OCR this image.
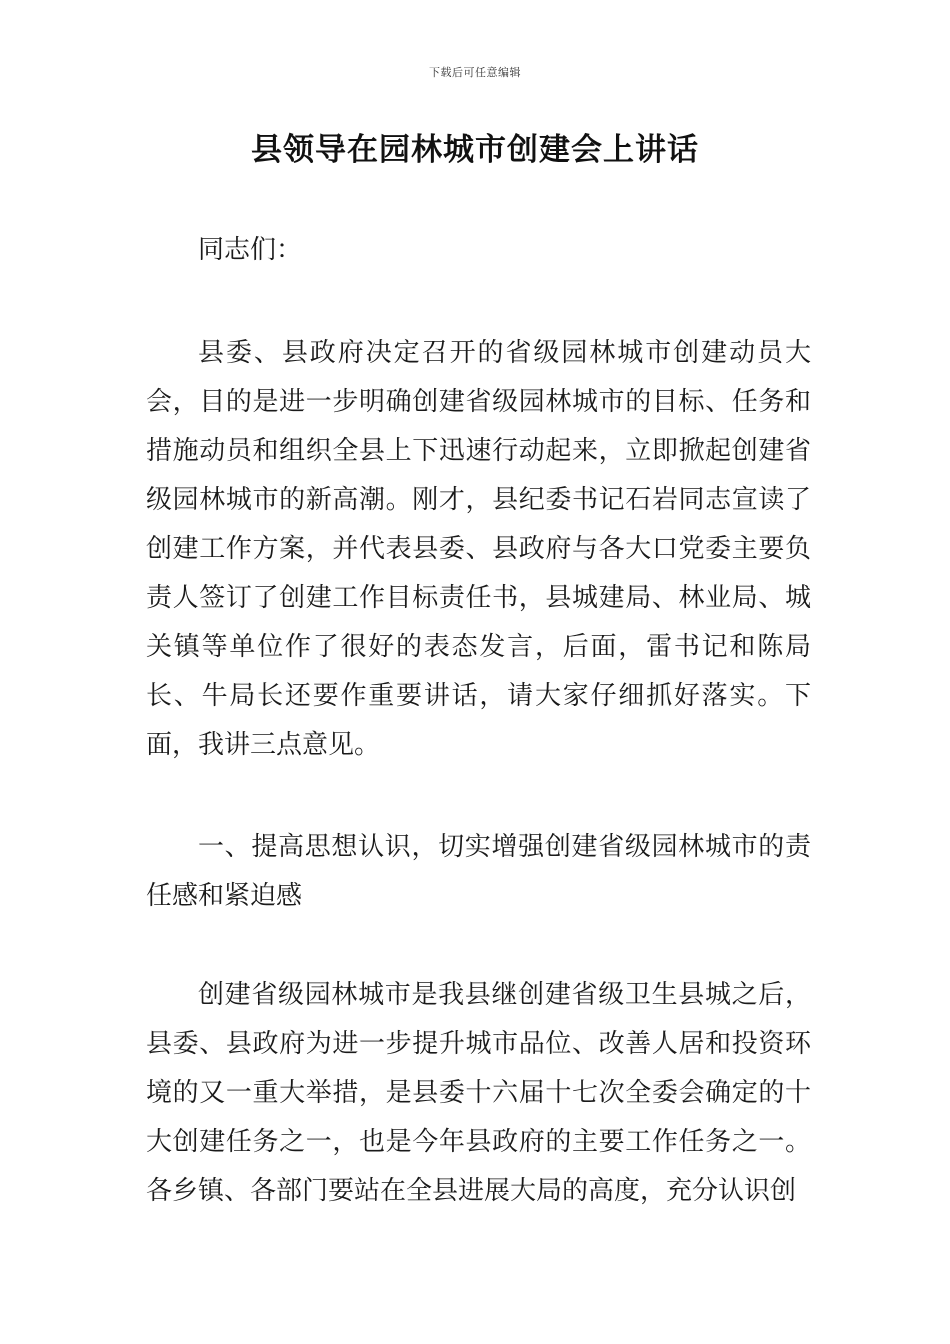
下载后可任意编辑
县领导在园林城市创建会上讲话

同志们：

县委、县政府决定召开的省级园林城市创建动员大会，目的是进一步明确创建省级园林城市的目标、任务和措施动员和组织全县上下迅速行动起来，立即掀起创建省级园林城市的新高潮。刚才，县纪委书记石岩同志宣读了创建工作方案，并代表县委、县政府与各大口党委主要负责人签订了创建工作目标责任书，县城建局、林业局、城关镇等单位作了很好的表态发言，后面，雷书记和陈局长、牛局长还要作重要讲话，请大家仔细抓好落实。下面，我讲三点意见。

一、提高思想认识，切实增强创建省级园林城市的责任感和紧迫感

创建省级园林城市是我县继创建省级卫生县城之后，县委、县政府为进一步提升城市品位、改善人居和投资环境的又一重大举措，是县委十六届十七次全委会确定的十大创建任务之一，也是今年县政府的主要工作任务之一。各乡镇、各部门要站在全县进展大局的高度，充分认识创
